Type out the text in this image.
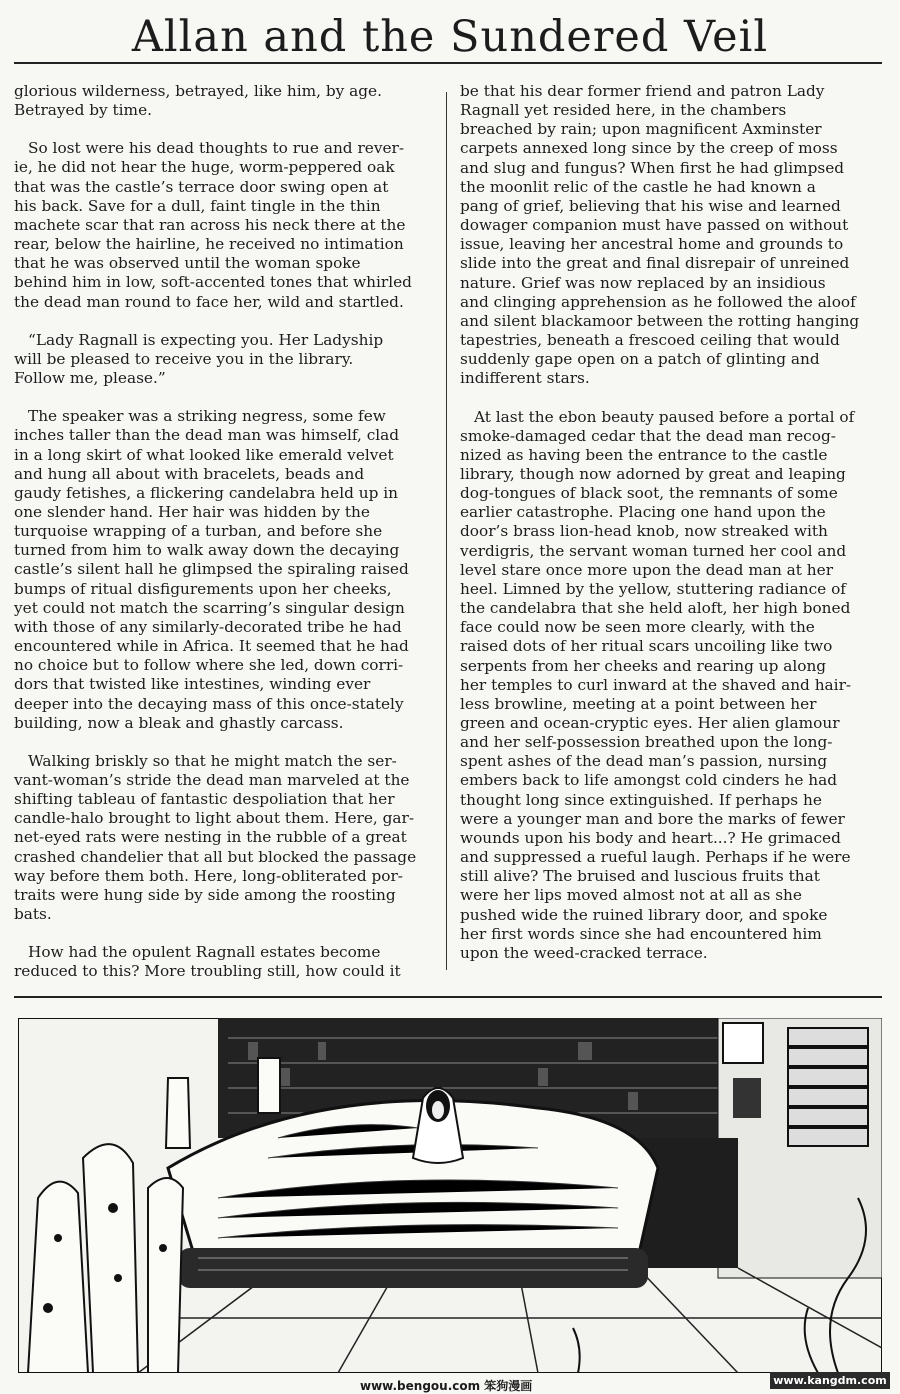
Allan and the Sundered Veil

glorious wilderness, betrayed, like him, by age.
Betrayed by time.

So lost were his dead thoughts to rue and rever-
ie, he did not hear the huge, worm-peppered oak
that was the castle’s terrace door swing open at
his back. Save for a dull, faint tingle in the thin
machete scar that ran across his neck there at the
rear, below the hairline, he received no intimation
that he was observed until the woman spoke
behind him in low, soft-accented tones that whirled
the dead man round to face her, wild and startled.

“Lady Ragnall is expecting you. Her Ladyship
will be pleased to receive you in the library.
Follow me, please.”

The speaker was a striking negress, some few
inches taller than the dead man was himself, clad
in a long skirt of what looked like emerald velvet
and hung all about with bracelets, beads and
gaudy fetishes, a flickering candelabra held up in
one slender hand. Her hair was hidden by the
turquoise wrapping of a turban, and before she
turned from him to walk away down the decaying
castle’s silent hall he glimpsed the spiraling raised
bumps of ritual disfigurements upon her cheeks,
yet could not match the scarring’s singular design
with those of any similarly-decorated tribe he had
encountered while in Africa. It seemed that he had
no choice but to follow where she led, down corri-
dors that twisted like intestines, winding ever
deeper into the decaying mass of this once-stately
building, now a bleak and ghastly carcass.

Walking briskly so that he might match the ser-
vant-woman’s stride the dead man marveled at the
shifting tableau of fantastic despoliation that her
candle-halo brought to light about them. Here, gar-
net-eyed rats were nesting in the rubble of a great
crashed chandelier that all but blocked the passage
way before them both. Here, long-obliterated por-
traits were hung side by side among the roosting
bats.

How had the opulent Ragnall estates become
reduced to this? More troubling still, how could it

be that his dear former friend and patron Lady
Ragnall yet resided here, in the chambers
breached by rain; upon magnificent Axminster
carpets annexed long since by the creep of moss
and slug and fungus? When first he had glimpsed
the moonlit relic of the castle he had known a
pang of grief, believing that his wise and learned
dowager companion must have passed on without
issue, leaving her ancestral home and grounds to
slide into the great and final disrepair of unreined
nature. Grief was now replaced by an insidious
and clinging apprehension as he followed the aloof
and silent blackamoor between the rotting hanging
tapestries, beneath a frescoed ceiling that would
suddenly gape open on a patch of glinting and
indifferent stars.

At last the ebon beauty paused before a portal of
smoke-damaged cedar that the dead man recog-
nized as having been the entrance to the castle
library, though now adorned by great and leaping
dog-tongues of black soot, the remnants of some
earlier catastrophe. Placing one hand upon the
door’s brass lion-head knob, now streaked with
verdigris, the servant woman turned her cool and
level stare once more upon the dead man at her
heel. Limned by the yellow, stuttering radiance of
the candelabra that she held aloft, her high boned
face could now be seen more clearly, with the
raised dots of her ritual scars uncoiling like two
serpents from her cheeks and rearing up along
her temples to curl inward at the shaved and hair-
less browline, meeting at a point between her
green and ocean-cryptic eyes. Her alien glamour
and her self-possession breathed upon the long-
spent ashes of the dead man’s passion, nursing
embers back to life amongst cold cinders he had
thought long since extinguished. If perhaps he
were a younger man and bore the marks of fewer
wounds upon his body and heart...? He grimaced
and suppressed a rueful laugh. Perhaps if he were
still alive? The bruised and luscious fruits that
were her lips moved almost not at all as she
pushed wide the ruined library door, and spoke
her first words since she had encountered him
upon the weed-cracked terrace.

www.bengou.com 笨狗漫画	www.kangdm.com
